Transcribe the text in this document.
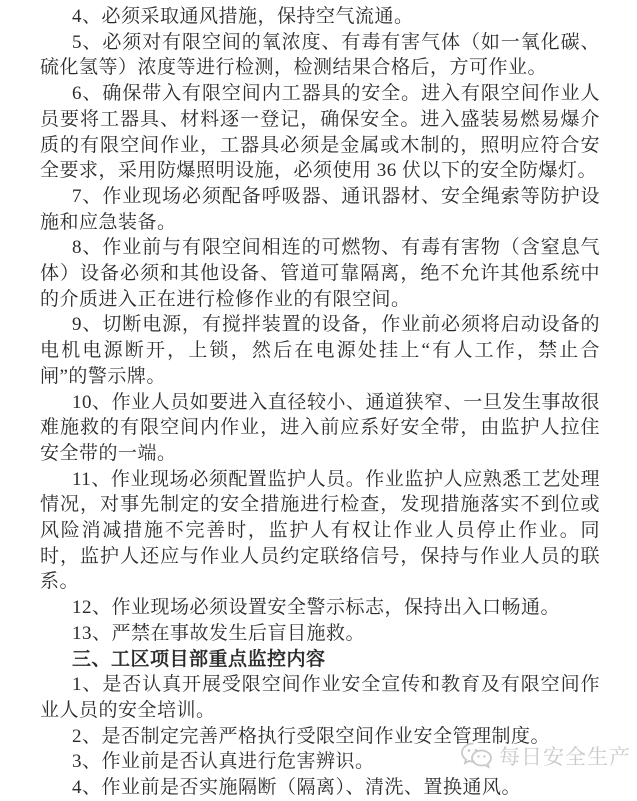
4、必须采取通风措施，保持空气流通。

5、必须对有限空间的氧浓度、有毒有害气体（如一氧化碳、硫化氢等）浓度等进行检测，检测结果合格后，方可作业。

6、确保带入有限空间内工器具的安全。进入有限空间作业人员要将工器具、材料逐一登记，确保安全。进入盛装易燃易爆介质的有限空间作业，工器具必须是金属或木制的，照明应符合安全要求，采用防爆照明设施，必须使用 36 伏以下的安全防爆灯。

7、作业现场必须配备呼吸器、通讯器材、安全绳索等防护设施和应急装备。

8、作业前与有限空间相连的可燃物、有毒有害物（含窒息气体）设备必须和其他设备、管道可靠隔离，绝不允许其他系统中的介质进入正在进行检修作业的有限空间。

9、切断电源，有搅拌装置的设备，作业前必须将启动设备的电机电源断开，上锁，然后在电源处挂上“有人工作，禁止合闸”的警示牌。

10、作业人员如要进入直径较小、通道狭窄、一旦发生事故很难施救的有限空间内作业，进入前应系好安全带，由监护人拉住安全带的一端。

11、作业现场必须配置监护人员。作业监护人应熟悉工艺处理情况，对事先制定的安全措施进行检查，发现措施落实不到位或风险消减措施不完善时，监护人有权让作业人员停止作业。同时，监护人还应与作业人员约定联络信号，保持与作业人员的联系。

12、作业现场必须设置安全警示标志，保持出入口畅通。

13、严禁在事故发生后盲目施救。

三、工区项目部重点监控内容

1、是否认真开展受限空间作业安全宣传和教育及有限空间作业人员的安全培训。

2、是否制定完善严格执行受限空间作业安全管理制度。

3、作业前是否认真进行危害辨识。

4、作业前是否实施隔断（隔离）、清洗、置换通风。

每日安全生产
